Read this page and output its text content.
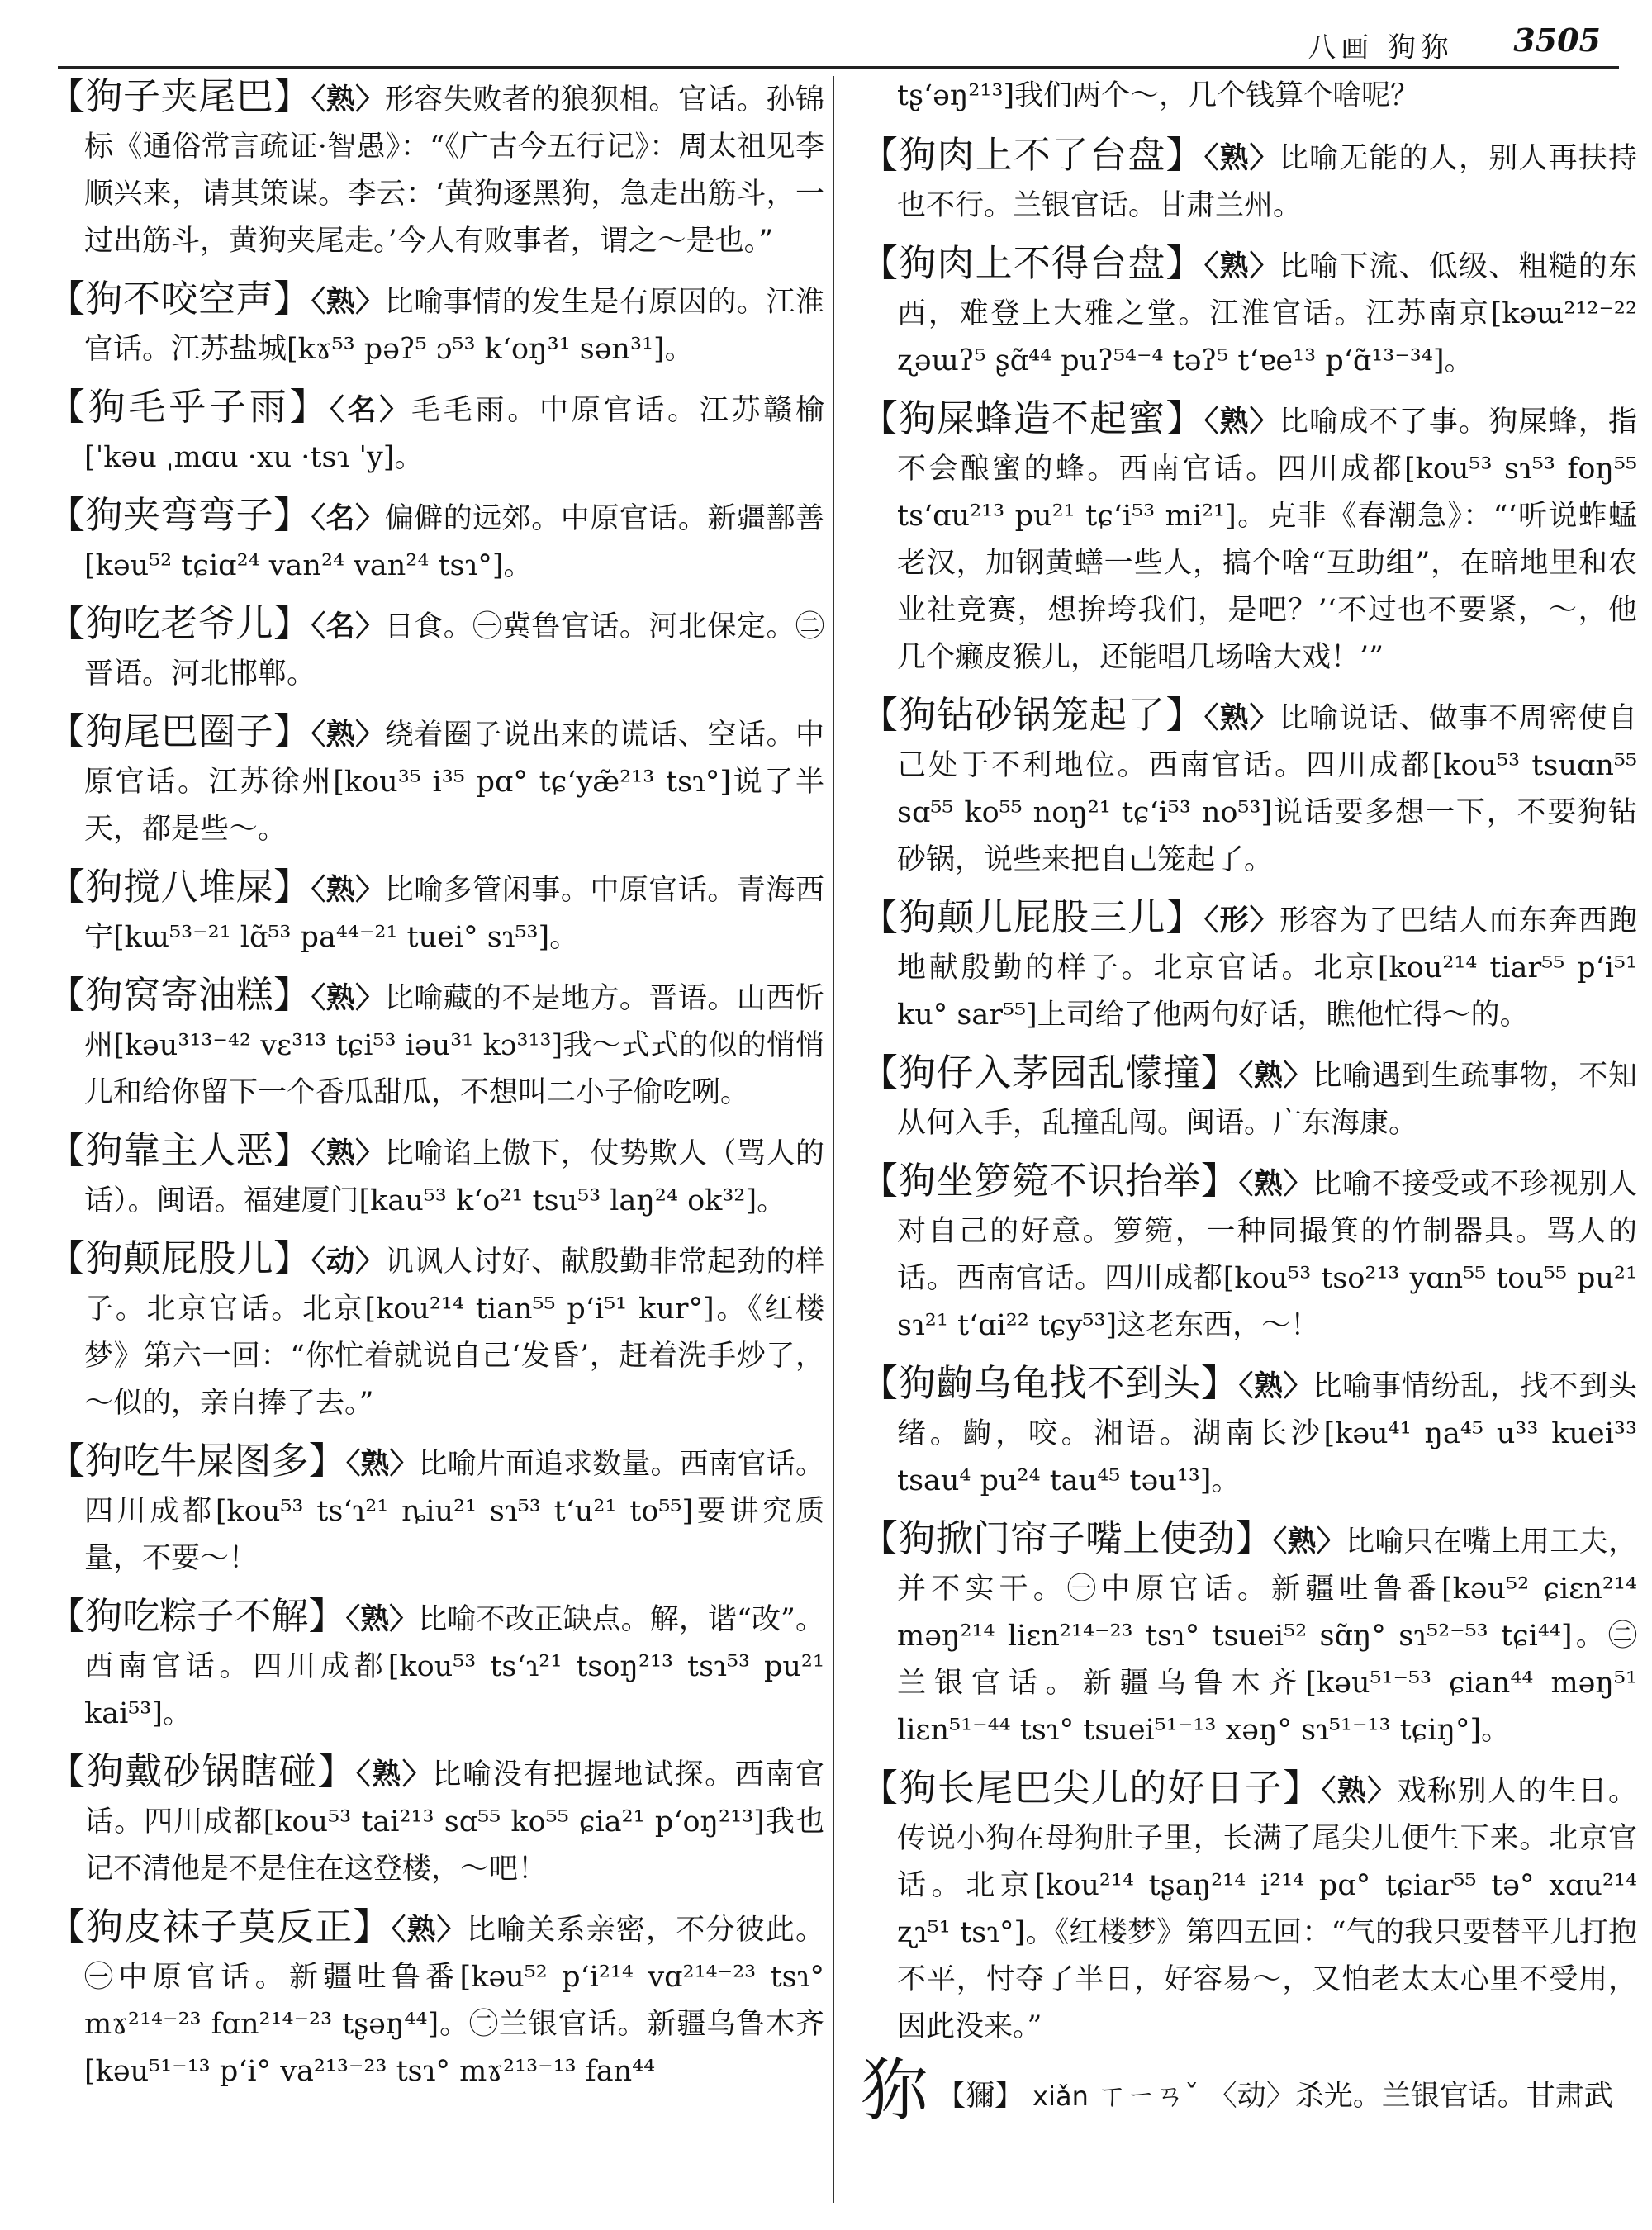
八画 狗狝 3505
【狗子夹尾巴】〈熟〉形容失败者的狼狈相。官话。孙锦标《通俗常言疏证·智愚》：“《广古今五行记》：周太祖见李顺兴来，请其策谋。李云：‘黄狗逐黑狗，急走出筋斗，一过出筋斗，黄狗夹尾走。’今人有败事者，谓之～是也。”
【狗不咬空声】〈熟〉比喻事情的发生是有原因的。江淮官话。江苏盐城[kɤ⁵³ pəʔ⁵ ɔ⁵³ k‘oŋ³¹ sən³¹]。
【狗毛乎子雨】〈名〉毛毛雨。中原官话。江苏赣榆[ˈkəu ˌmɑu ·xu ·tsɿ ˈy]。
【狗夹弯弯子】〈名〉偏僻的远郊。中原官话。新疆鄯善[kəu⁵² tɕiɑ²⁴ van²⁴ van²⁴ tsɿ°]。
【狗吃老爷儿】〈名〉日食。㊀冀鲁官话。河北保定。㊁晋语。河北邯郸。
【狗尾巴圈子】〈熟〉绕着圈子说出来的谎话、空话。中原官话。江苏徐州[kou³⁵ i³⁵ pɑ° tɕ‘yæ̃²¹³ tsɿ°]说了半天，都是些～。
【狗搅八堆屎】〈熟〉比喻多管闲事。中原官话。青海西宁[kɯ⁵³⁻²¹ lɑ̃⁵³ pa⁴⁴⁻²¹ tuei° sɿ⁵³]。
【狗窝寄油糕】〈熟〉比喻藏的不是地方。晋语。山西忻州[kəu³¹³⁻⁴² vɛ³¹³ tɕi⁵³ iəu³¹ kɔ³¹³]我～式式的似的悄悄儿和给你留下一个香瓜甜瓜，不想叫二小子偷吃咧。
【狗靠主人恶】〈熟〉比喻谄上傲下，仗势欺人（骂人的话）。闽语。福建厦门[kau⁵³ k‘o²¹ tsu⁵³ laŋ²⁴ ok³²]。
【狗颠屁股儿】〈动〉讥讽人讨好、献殷勤非常起劲的样子。北京官话。北京[kou²¹⁴ tian⁵⁵ p‘i⁵¹ kur°]。《红楼梦》第六一回：“你忙着就说自己‘发昏’，赶着洗手炒了，～似的，亲自捧了去。”
【狗吃牛屎图多】〈熟〉比喻片面追求数量。西南官话。四川成都[kou⁵³ ts‘ɿ²¹ ȵiu²¹ sɿ⁵³ t‘u²¹ to⁵⁵]要讲究质量，不要～！
【狗吃粽子不解】〈熟〉比喻不改正缺点。解，谐“改”。西南官话。四川成都[kou⁵³ ts‘ɿ²¹ tsoŋ²¹³ tsɿ⁵³ pu²¹ kai⁵³]。
【狗戴砂锅瞎碰】〈熟〉比喻没有把握地试探。西南官话。四川成都[kou⁵³ tai²¹³ sɑ⁵⁵ ko⁵⁵ ɕia²¹ p‘oŋ²¹³]我也记不清他是不是住在这登楼，～吧！
【狗皮袜子莫反正】〈熟〉比喻关系亲密，不分彼此。㊀中原官话。新疆吐鲁番[kəu⁵² p‘i²¹⁴ vɑ²¹⁴⁻²³ tsɿ° mɤ²¹⁴⁻²³ fɑn²¹⁴⁻²³ tʂəŋ⁴⁴]。㊁兰银官话。新疆乌鲁木齐[kəu⁵¹⁻¹³ p‘i° va²¹³⁻²³ tsɿ° mɤ²¹³⁻¹³ fan⁴⁴
tʂ‘əŋ²¹³]我们两个～，几个钱算个啥呢？
【狗肉上不了台盘】〈熟〉比喻无能的人，别人再扶持也不行。兰银官话。甘肃兰州。
【狗肉上不得台盘】〈熟〉比喻下流、低级、粗糙的东西，难登上大雅之堂。江淮官话。江苏南京[kəɯ²¹²⁻²² ʐəɯʔ⁵ ʂɑ̃⁴⁴ puʔ⁵⁴⁻⁴ təʔ⁵ t‘ɐe¹³ p‘ɑ̃¹³⁻³⁴]。
【狗屎蜂造不起蜜】〈熟〉比喻成不了事。狗屎蜂，指不会酿蜜的蜂。西南官话。四川成都[kou⁵³ sɿ⁵³ foŋ⁵⁵ ts‘ɑu²¹³ pu²¹ tɕ‘i⁵³ mi²¹]。克非《春潮急》：“‘听说蚱蜢老汉，加钢黄蟮一些人，搞个啥“互助组”，在暗地里和农业社竞赛，想拚垮我们，是吧？’‘不过也不要紧，～，他几个癞皮猴儿，还能唱几场啥大戏！’”
【狗钻砂锅笼起了】〈熟〉比喻说话、做事不周密使自己处于不利地位。西南官话。四川成都[kou⁵³ tsuɑn⁵⁵ sɑ⁵⁵ ko⁵⁵ noŋ²¹ tɕ‘i⁵³ no⁵³]说话要多想一下，不要狗钻砂锅，说些来把自己笼起了。
【狗颠儿屁股三儿】〈形〉形容为了巴结人而东奔西跑地献殷勤的样子。北京官话。北京[kou²¹⁴ tiar⁵⁵ p‘i⁵¹ ku° sar⁵⁵]上司给了他两句好话，瞧他忙得～的。
【狗仔入茅园乱懞撞】〈熟〉比喻遇到生疏事物，不知从何入手，乱撞乱闯。闽语。广东海康。
【狗坐箩箢不识抬举】〈熟〉比喻不接受或不珍视别人对自己的好意。箩箢，一种同撮箕的竹制器具。骂人的话。西南官话。四川成都[kou⁵³ tso²¹³ yɑn⁵⁵ tou⁵⁵ pu²¹ sɿ²¹ t‘ɑi²² tɕy⁵³]这老东西，～！
【狗齣乌龟找不到头】〈熟〉比喻事情纷乱，找不到头绪。齣，咬。湘语。湖南长沙[kəu⁴¹ ŋa⁴⁵ u³³ kuei³³ tsau⁴ pu²⁴ tau⁴⁵ təu¹³]。
【狗掀门帘子嘴上使劲】〈熟〉比喻只在嘴上用工夫，并不实干。㊀中原官话。新疆吐鲁番[kəu⁵² ɕiɛn²¹⁴ məŋ²¹⁴ liɛn²¹⁴⁻²³ tsɿ° tsuei⁵² sɑ̃ŋ° sɿ⁵²⁻⁵³ tɕi⁴⁴]。㊁兰银官话。新疆乌鲁木齐[kəu⁵¹⁻⁵³ ɕian⁴⁴ məŋ⁵¹ liɛn⁵¹⁻⁴⁴ tsɿ° tsuei⁵¹⁻¹³ xəŋ° sɿ⁵¹⁻¹³ tɕiŋ°]。
【狗长尾巴尖儿的好日子】〈熟〉戏称别人的生日。传说小狗在母狗肚子里，长满了尾尖儿便生下来。北京官话。北京[kou²¹⁴ tʂaŋ²¹⁴ i²¹⁴ pɑ° tɕiar⁵⁵ tə° xɑu²¹⁴ ʐɿ⁵¹ tsɿ°]。《红楼梦》第四五回：“气的我只要替平儿打抱不平，忖夺了半日，好容易～，又怕老太太心里不受用，因此没来。”
狝 【獮】 xiǎn ㄒㄧㄢˇ 〈动〉杀光。兰银官话。甘肃武
